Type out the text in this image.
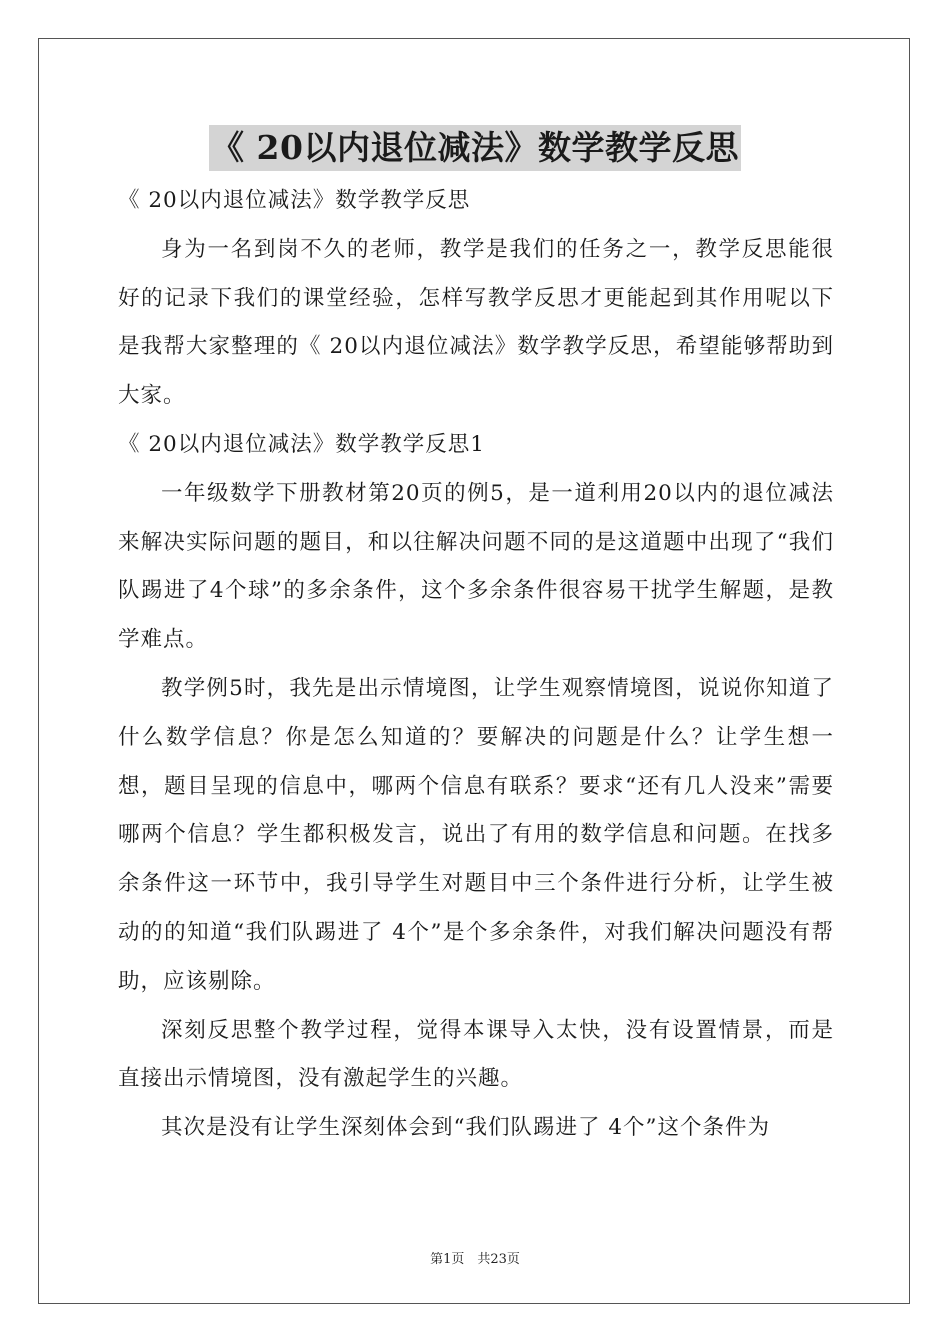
《 20以内退位减法》数学教学反思

《 20以内退位减法》数学教学反思

身为一名到岗不久的老师，教学是我们的任务之一，教学反思能很好的记录下我们的课堂经验，怎样写教学反思才更能起到其作用呢以下是我帮大家整理的《 20以内退位减法》数学教学反思，希望能够帮助到大家。

《 20以内退位减法》数学教学反思1

一年级数学下册教材第20页的例5，是一道利用20以内的退位减法来解决实际问题的题目，和以往解决问题不同的是这道题中出现了“我们队踢进了4个球”的多余条件，这个多余条件很容易干扰学生解题，是教学难点。

教学例5时，我先是出示情境图，让学生观察情境图，说说你知道了什么数学信息？你是怎么知道的？要解决的问题是什么？让学生想一想，题目呈现的信息中，哪两个信息有联系？要求“还有几人没来”需要哪两个信息？学生都积极发言，说出了有用的数学信息和问题。在找多余条件这一环节中，我引导学生对题目中三个条件进行分析，让学生被动的的知道“我们队踢进了 4个”是个多余条件，对我们解决问题没有帮助，应该剔除。

深刻反思整个教学过程，觉得本课导入太快，没有设置情景，而是直接出示情境图，没有激起学生的兴趣。

其次是没有让学生深刻体会到“我们队踢进了 4个”这个条件为

第1页　共23页
